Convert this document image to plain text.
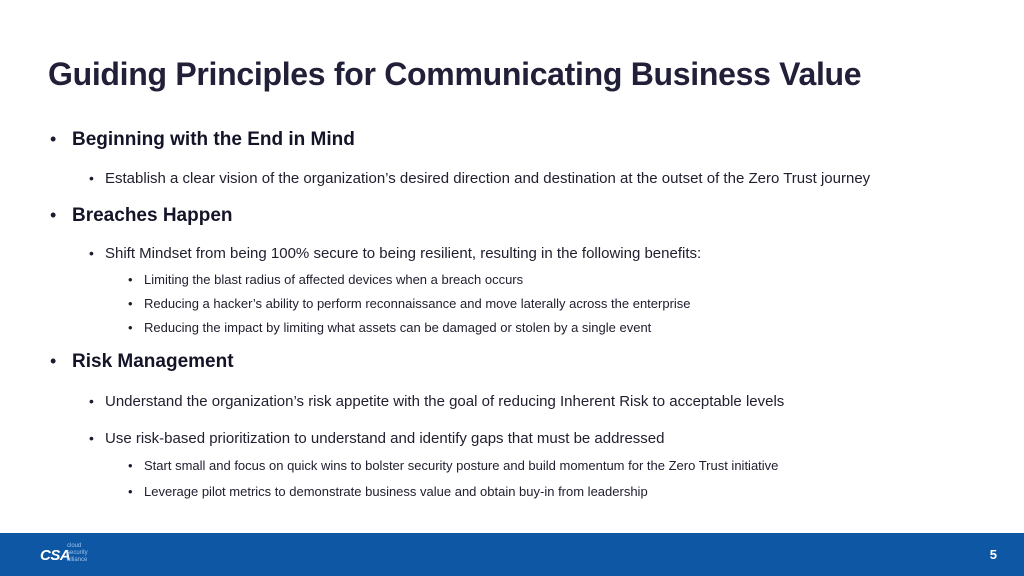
Guiding Principles for Communicating Business Value
• Beginning with the End in Mind
• Establish a clear vision of the organization’s desired direction and destination at the outset of the Zero Trust journey
• Breaches Happen
• Shift Mindset from being 100% secure to being resilient, resulting in the following benefits:
• Limiting the blast radius of affected devices when a breach occurs
• Reducing a hacker’s ability to perform reconnaissance and move laterally across the enterprise
• Reducing the impact by limiting what assets can be damaged or stolen by a single event
• Risk Management
• Understand the organization’s risk appetite with the goal of reducing Inherent Risk to acceptable levels
• Use risk-based prioritization to understand and identify gaps that must be addressed
• Start small and focus on quick wins to bolster security posture and build momentum for the Zero Trust initiative
• Leverage pilot metrics to demonstrate business value and obtain buy-in from leadership
CSA
cloud
security
alliance	5
